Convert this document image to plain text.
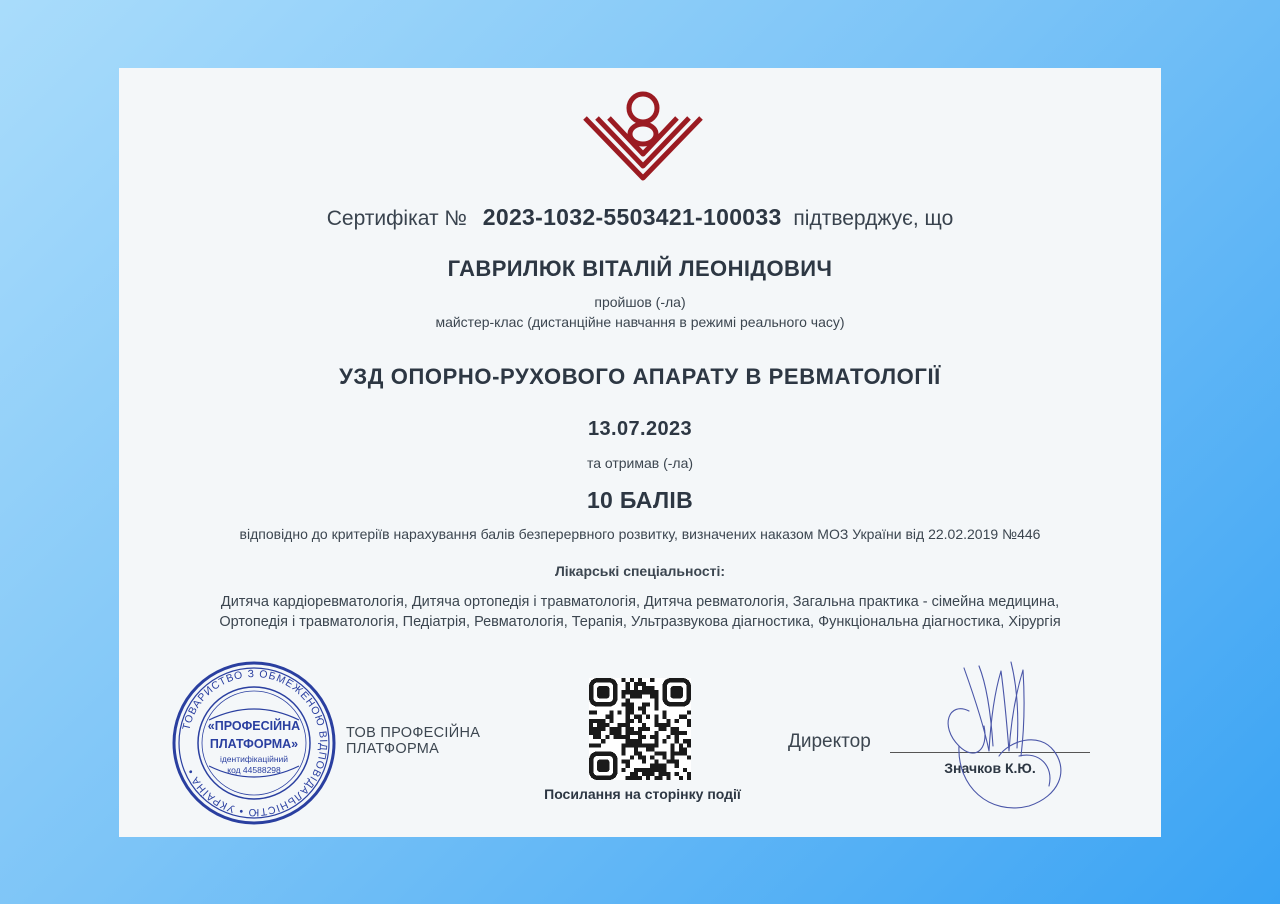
Сертифікат № 2023-1032-5503421-100033 підтверджує, що
ГАВРИЛЮК ВІТАЛІЙ ЛЕОНІДОВИЧ
пройшов (-ла)
майстер-клас (дистанційне навчання в режимі реального часу)
УЗД ОПОРНО-РУХОВОГО АПАРАТУ В РЕВМАТОЛОГІЇ
13.07.2023
та отримав (-ла)
10 БАЛІВ
відповідно до критеріїв нарахування балів безперервного розвитку, визначених наказом МОЗ України від 22.02.2019 №446
Лікарські спеціальності:
Дитяча кардіоревматологія, Дитяча ортопедія і травматологія, Дитяча ревматологія, Загальна практика - сімейна медицина,
Ортопедія і травматологія, Педіатрія, Ревматологія, Терапія, Ультразвукова діагностика, Функціональна діагностика, Хірургія
ТОВАРИСТВО З ОБМЕЖЕНОЮ ВІДПОВІДАЛЬНІСТЮ • УКРАЇНА •
«ПРОФЕСІЙНА
ПЛАТФОРМА»
ідентифікаційний
код 44588298
ТОВ ПРОФЕСІЙНА
ПЛАТФОРМА
Посилання на сторінку події
Директор
Значков К.Ю.
